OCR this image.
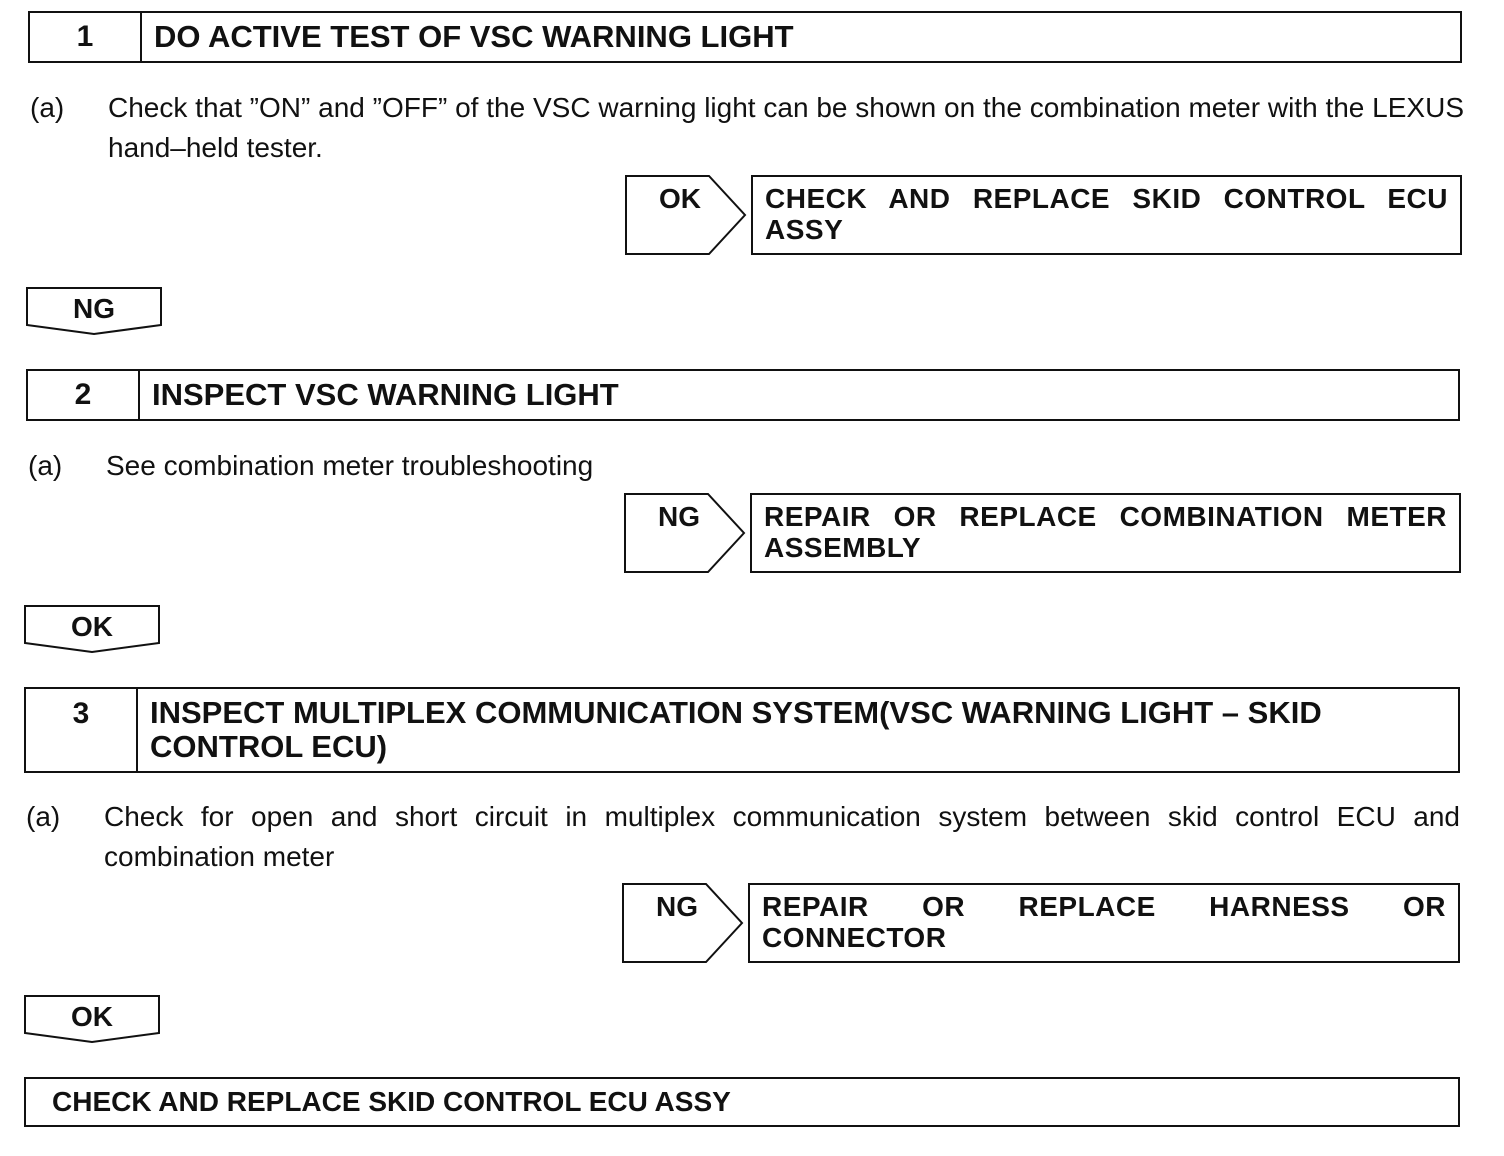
1	DO ACTIVE TEST OF VSC WARNING LIGHT
(a) Check that ”ON” and ”OFF” of the VSC warning light can be shown on the combination meter with the LEXUS hand–held tester.
OK	CHECK AND REPLACE SKID CONTROL ECU ASSY
NG
2	INSPECT VSC WARNING LIGHT
(a) See combination meter troubleshooting
NG	REPAIR OR REPLACE COMBINATION METER ASSEMBLY
OK
3	INSPECT MULTIPLEX COMMUNICATION SYSTEM(VSC WARNING LIGHT – SKID CONTROL ECU)
(a) Check for open and short circuit in multiplex communication system between skid control ECU and combination meter
NG	REPAIR OR REPLACE HARNESS OR CONNECTOR
OK
CHECK AND REPLACE SKID CONTROL ECU ASSY
